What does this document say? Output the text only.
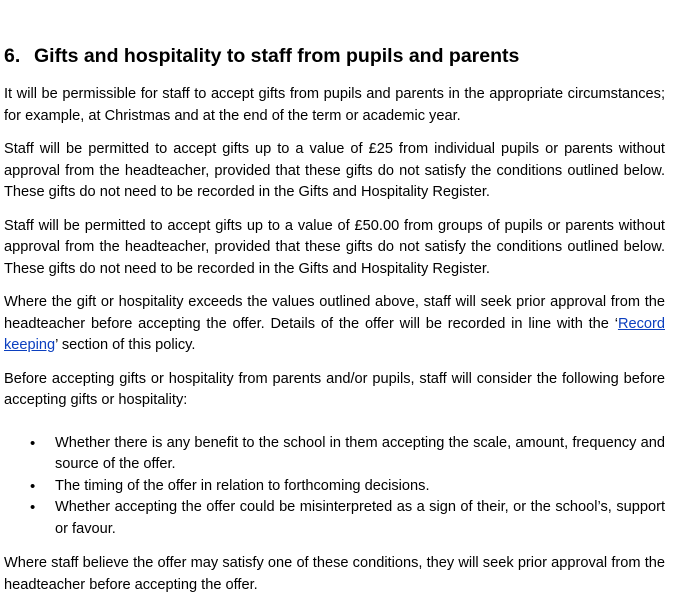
6. Gifts and hospitality to staff from pupils and parents

It will be permissible for staff to accept gifts from pupils and parents in the appropriate circumstances; for example, at Christmas and at the end of the term or academic year.

Staff will be permitted to accept gifts up to a value of £25 from individual pupils or parents without approval from the headteacher, provided that these gifts do not satisfy the conditions outlined below. These gifts do not need to be recorded in the Gifts and Hospitality Register.

Staff will be permitted to accept gifts up to a value of £50.00 from groups of pupils or parents without approval from the headteacher, provided that these gifts do not satisfy the conditions outlined below. These gifts do not need to be recorded in the Gifts and Hospitality Register.

Where the gift or hospitality exceeds the values outlined above, staff will seek prior approval from the headteacher before accepting the offer. Details of the offer will be recorded in line with the ‘Record keeping’ section of this policy.

Before accepting gifts or hospitality from parents and/or pupils, staff will consider the following before accepting gifts or hospitality:

• Whether there is any benefit to the school in them accepting the scale, amount, frequency and source of the offer.
• The timing of the offer in relation to forthcoming decisions.
• Whether accepting the offer could be misinterpreted as a sign of their, or the school’s, support or favour.

Where staff believe the offer may satisfy one of these conditions, they will seek prior approval from the headteacher before accepting the offer.
